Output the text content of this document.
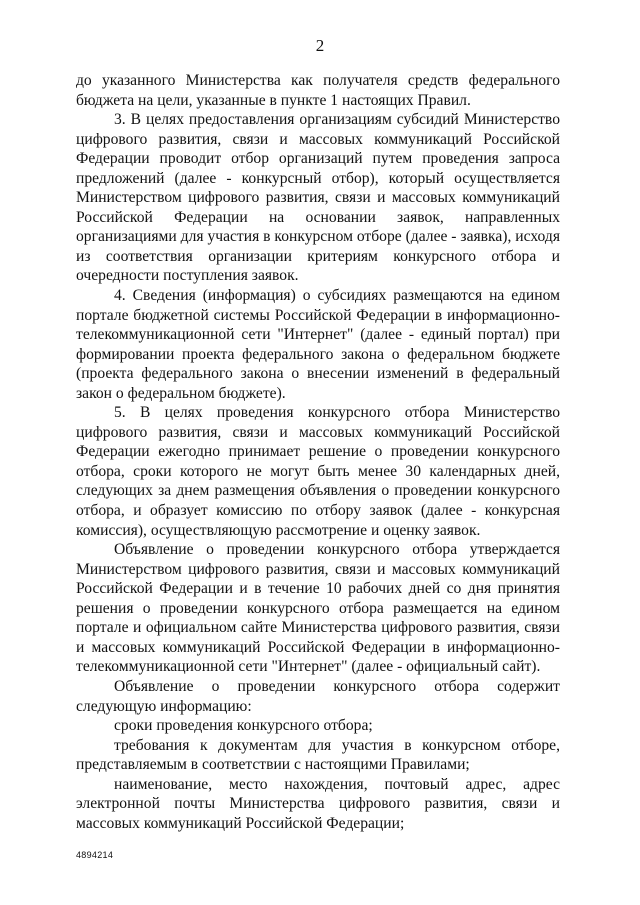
2

до указанного Министерства как получателя средств федерального бюджета на цели, указанные в пункте 1 настоящих Правил.

3. В целях предоставления организациям субсидий Министерство цифрового развития, связи и массовых коммуникаций Российской Федерации проводит отбор организаций путем проведения запроса предложений (далее - конкурсный отбор), который осуществляется Министерством цифрового развития, связи и массовых коммуникаций Российской Федерации на основании заявок, направленных организациями для участия в конкурсном отборе (далее - заявка), исходя из соответствия организации критериям конкурсного отбора и очередности поступления заявок.

4. Сведения (информация) о субсидиях размещаются на едином портале бюджетной системы Российской Федерации в информационно-телекоммуникационной сети "Интернет" (далее - единый портал) при формировании проекта федерального закона о федеральном бюджете (проекта федерального закона о внесении изменений в федеральный закон о федеральном бюджете).

5. В целях проведения конкурсного отбора Министерство цифрового развития, связи и массовых коммуникаций Российской Федерации ежегодно принимает решение о проведении конкурсного отбора, сроки которого не могут быть менее 30 календарных дней, следующих за днем размещения объявления о проведении конкурсного отбора, и образует комиссию по отбору заявок (далее - конкурсная комиссия), осуществляющую рассмотрение и оценку заявок.

Объявление о проведении конкурсного отбора утверждается Министерством цифрового развития, связи и массовых коммуникаций Российской Федерации и в течение 10 рабочих дней со дня принятия решения о проведении конкурсного отбора размещается на едином портале и официальном сайте Министерства цифрового развития, связи и массовых коммуникаций Российской Федерации в информационно-телекоммуникационной сети "Интернет" (далее - официальный сайт).

Объявление о проведении конкурсного отбора содержит следующую информацию:

сроки проведения конкурсного отбора;

требования к документам для участия в конкурсном отборе, представляемым в соответствии с настоящими Правилами;

наименование, место нахождения, почтовый адрес, адрес электронной почты Министерства цифрового развития, связи и массовых коммуникаций Российской Федерации;

4894214
